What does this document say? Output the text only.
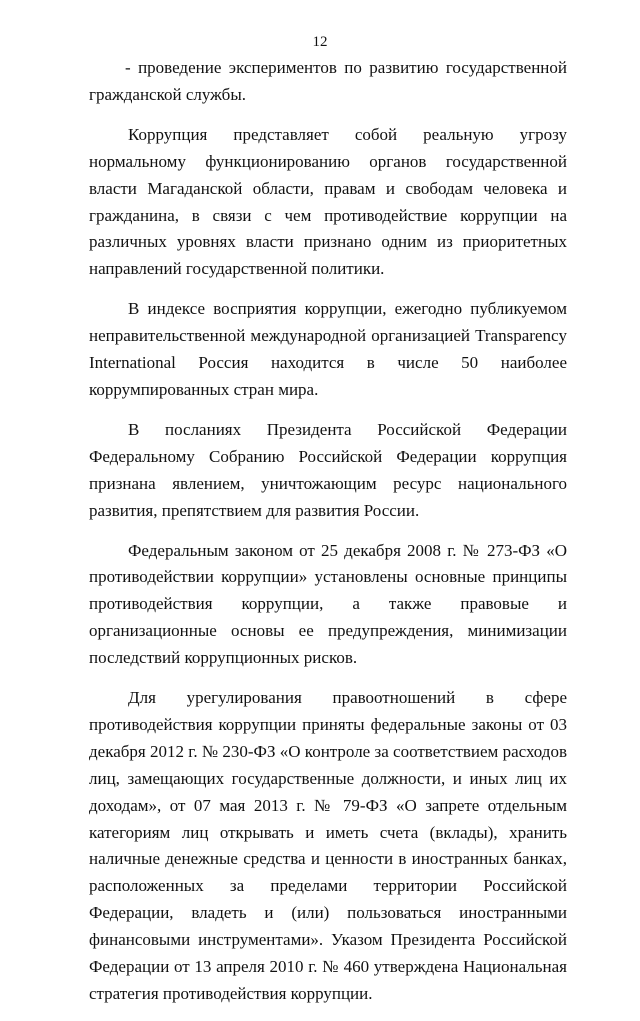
12

- проведение экспериментов по развитию государственной гражданской службы.

Коррупция представляет собой реальную угрозу нормальному функционированию органов государственной власти Магаданской области, правам и свободам человека и гражданина, в связи с чем противодействие коррупции на различных уровнях власти признано одним из приоритетных направлений государственной политики.

В индексе восприятия коррупции, ежегодно публикуемом неправительственной международной организацией Transparency International Россия находится в числе 50 наиболее коррумпированных стран мира.

В посланиях Президента Российской Федерации Федеральному Собранию Российской Федерации коррупция признана явлением, уничтожающим ресурс национального развития, препятствием для развития России.

Федеральным законом от 25 декабря 2008 г. № 273-ФЗ «О противодействии коррупции» установлены основные принципы противодействия коррупции, а также правовые и организационные основы ее предупреждения, минимизации последствий коррупционных рисков.

Для урегулирования правоотношений в сфере противодействия коррупции приняты федеральные законы от 03 декабря 2012 г. № 230-ФЗ «О контроле за соответствием расходов лиц, замещающих государственные должности, и иных лиц их доходам», от 07 мая 2013 г. № 79-ФЗ «О запрете отдельным категориям лиц открывать и иметь счета (вклады), хранить наличные денежные средства и ценности в иностранных банках, расположенных за пределами территории Российской Федерации, владеть и (или) пользоваться иностранными финансовыми инструментами». Указом Президента Российской Федерации от 13 апреля 2010 г. № 460 утверждена Национальная стратегия противодействия коррупции.
